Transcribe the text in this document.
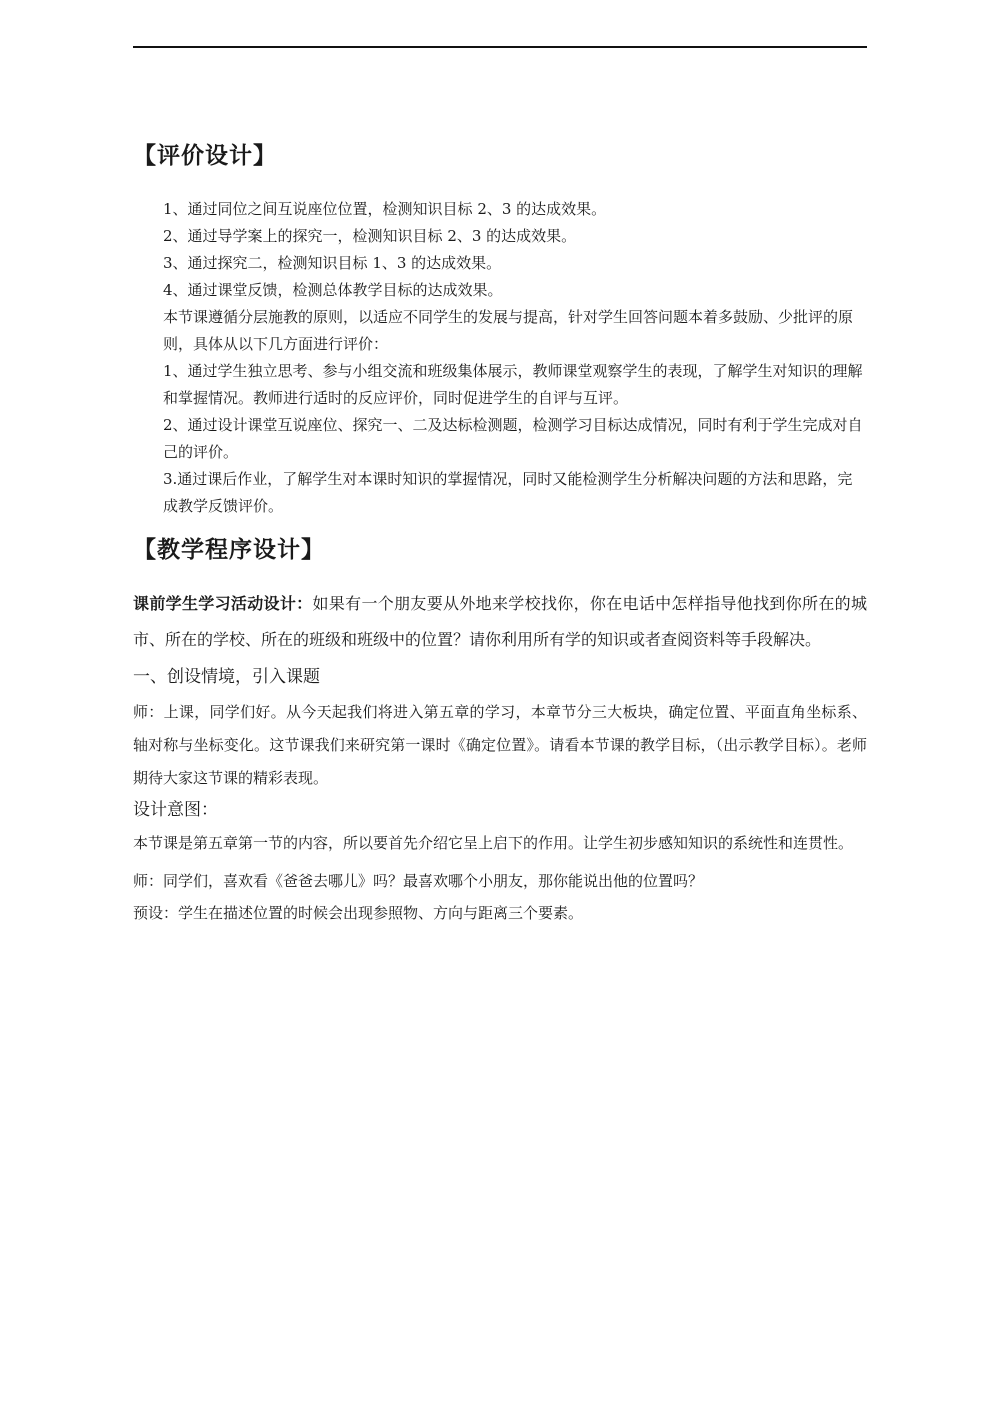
【评价设计】

1、通过同位之间互说座位位置，检测知识目标 2、3 的达成效果。

2、通过导学案上的探究一，检测知识目标 2、3 的达成效果。

3、通过探究二，检测知识目标 1、3 的达成效果。

4、通过课堂反馈，检测总体教学目标的达成效果。

本节课遵循分层施教的原则，以适应不同学生的发展与提高，针对学生回答问题本着多鼓励、少批评的原则，具体从以下几方面进行评价：

1、通过学生独立思考、参与小组交流和班级集体展示，教师课堂观察学生的表现，了解学生对知识的理解和掌握情况。教师进行适时的反应评价，同时促进学生的自评与互评。

2、通过设计课堂互说座位、探究一、二及达标检测题，检测学习目标达成情况，同时有利于学生完成对自己的评价。

3.通过课后作业，了解学生对本课时知识的掌握情况，同时又能检测学生分析解决问题的方法和思路，完成教学反馈评价。

【教学程序设计】

课前学生学习活动设计：如果有一个朋友要从外地来学校找你，你在电话中怎样指导他找到你所在的城市、所在的学校、所在的班级和班级中的位置？请你利用所有学的知识或者查阅资料等手段解决。

一、创设情境，引入课题

师：上课，同学们好。从今天起我们将进入第五章的学习，本章节分三大板块，确定位置、平面直角坐标系、轴对称与坐标变化。这节课我们来研究第一课时《确定位置》。请看本节课的教学目标，（出示教学目标）。老师期待大家这节课的精彩表现。

设计意图：

本节课是第五章第一节的内容，所以要首先介绍它呈上启下的作用。让学生初步感知知识的系统性和连贯性。

师：同学们，喜欢看《爸爸去哪儿》吗？最喜欢哪个小朋友，那你能说出他的位置吗？

预设：学生在描述位置的时候会出现参照物、方向与距离三个要素。
